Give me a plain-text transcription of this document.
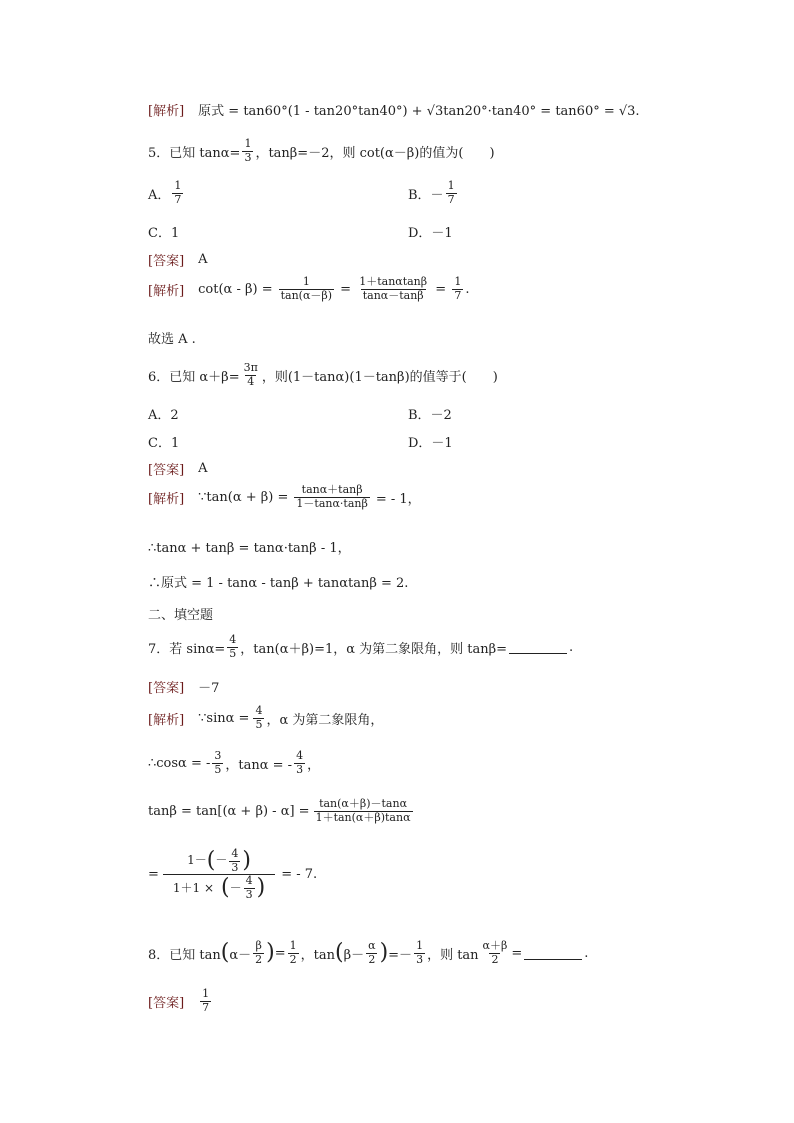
[解析] 原式 = tan60°(1 - tan20°tan40°) + √3tan20°·tan40° = tan60° = √3.
5．已知 $\tan\alpha= \frac{1}{3}$ ，tanβ=－2，则 cot(α－β)的值为(　　)
A． $\frac{1}{7}$	B．－ $\frac{1}{7}$
C．1	D．－1
[答案] A
[解析] $\cot(\alpha - \beta) = \frac{1}{\tan(\alpha-\beta)} = \frac{1+\tan\alpha\tan\beta}{\tan\alpha-\tan\beta} = \frac{1}{7}$ .
故选 A .
6．已知 $\alpha+\beta= \frac{3\pi}{4}$ ，则(1－tanα)(1－tanβ)的值等于(　　)
A．2	B．－2
C．1	D．－1
[答案] A
[解析] ∵tan(α + $\beta) = \frac{\tan\alpha+\tan\beta}{1-\tan\alpha\cdot\tan\beta}$ = - 1，
∴tanα + tanβ = tanα·tanβ - 1，
∴原式 = 1 - tanα - tanβ + tanαtanβ = 2.
二、填空题
7．若 $\sin\alpha= \frac{4}{5}$ ，tan(α＋β)=1，α 为第二象限角，则 tanβ=	.
[答案] －7
[解析] ∵sinα = $\frac{4}{5}$ ，α 为第二象限角，
∴cosα = - $\frac{3}{5}$ ，tanα = - $\frac{4}{3}$ ，
$\tan\beta = \tan[(\alpha + \beta) - \alpha] = \frac{\tan(\alpha+\beta)-\tan\alpha}{1+\tan(\alpha+\beta)\tan\alpha}$
= $\frac{1- ( - \frac{4}{3} )}{1+1 \times ( - \frac{4}{3} )}$ = - 7.
8．已知 tan ( $\alpha- \frac{\beta}{2}$ ) = $\frac{1}{2}$ ，tan ( $\beta- \frac{\alpha}{2}$ ) =－ $\frac{1}{3}$ ，则 $\tan \frac{\alpha+\beta}{2}$ =	.
[答案] $\frac{1}{7}$
